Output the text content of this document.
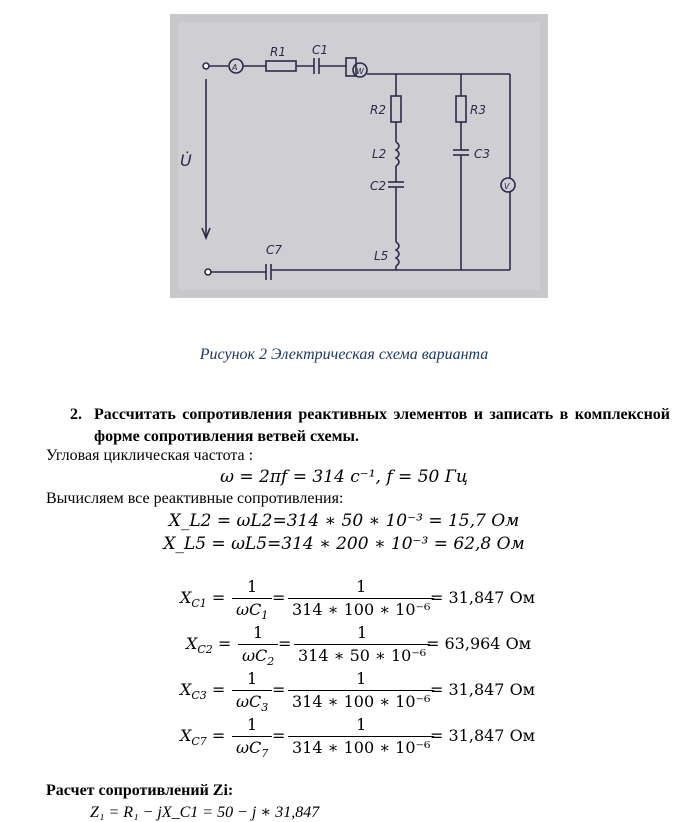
R1 C1
A	W
R2	R3
L2	C3
C2
L5
C7
U̇
V
Рисунок 2 Электрическая схема варианта
2. Рассчитать сопротивления реактивных элементов и записать в комплексной форме сопротивления ветвей схемы.
Угловая циклическая частота :
ω = 2πf = 314 с⁻¹, f = 50 Гц
Вычисляем все реактивные сопротивления:
X_L2 = ωL2=314 ∗ 50 ∗ 10⁻³ = 15,7 Ом
X_L5 = ωL5=314 ∗ 200 ∗ 10⁻³ = 62,8 Ом
$X_{C1}$ =
1
$\omega C_1$
=
1
314 ∗ 100 ∗ 10⁻⁶
= 31,847 Ом
$X_{C2}$ =
1
$\omega C_2$
=
1
314 ∗ 50 ∗ 10⁻⁶
= 63,964 Ом
$X_{C3}$ =
1
$\omega C_3$
=
1
314 ∗ 100 ∗ 10⁻⁶
= 31,847 Ом
$X_{C7}$ =
1
$\omega C_7$
=
1
314 ∗ 100 ∗ 10⁻⁶
= 31,847 Ом
Расчет сопротивлений Zi:
Z₁ = R₁ − jX_C1 = 50 − j ∗ 31,847
